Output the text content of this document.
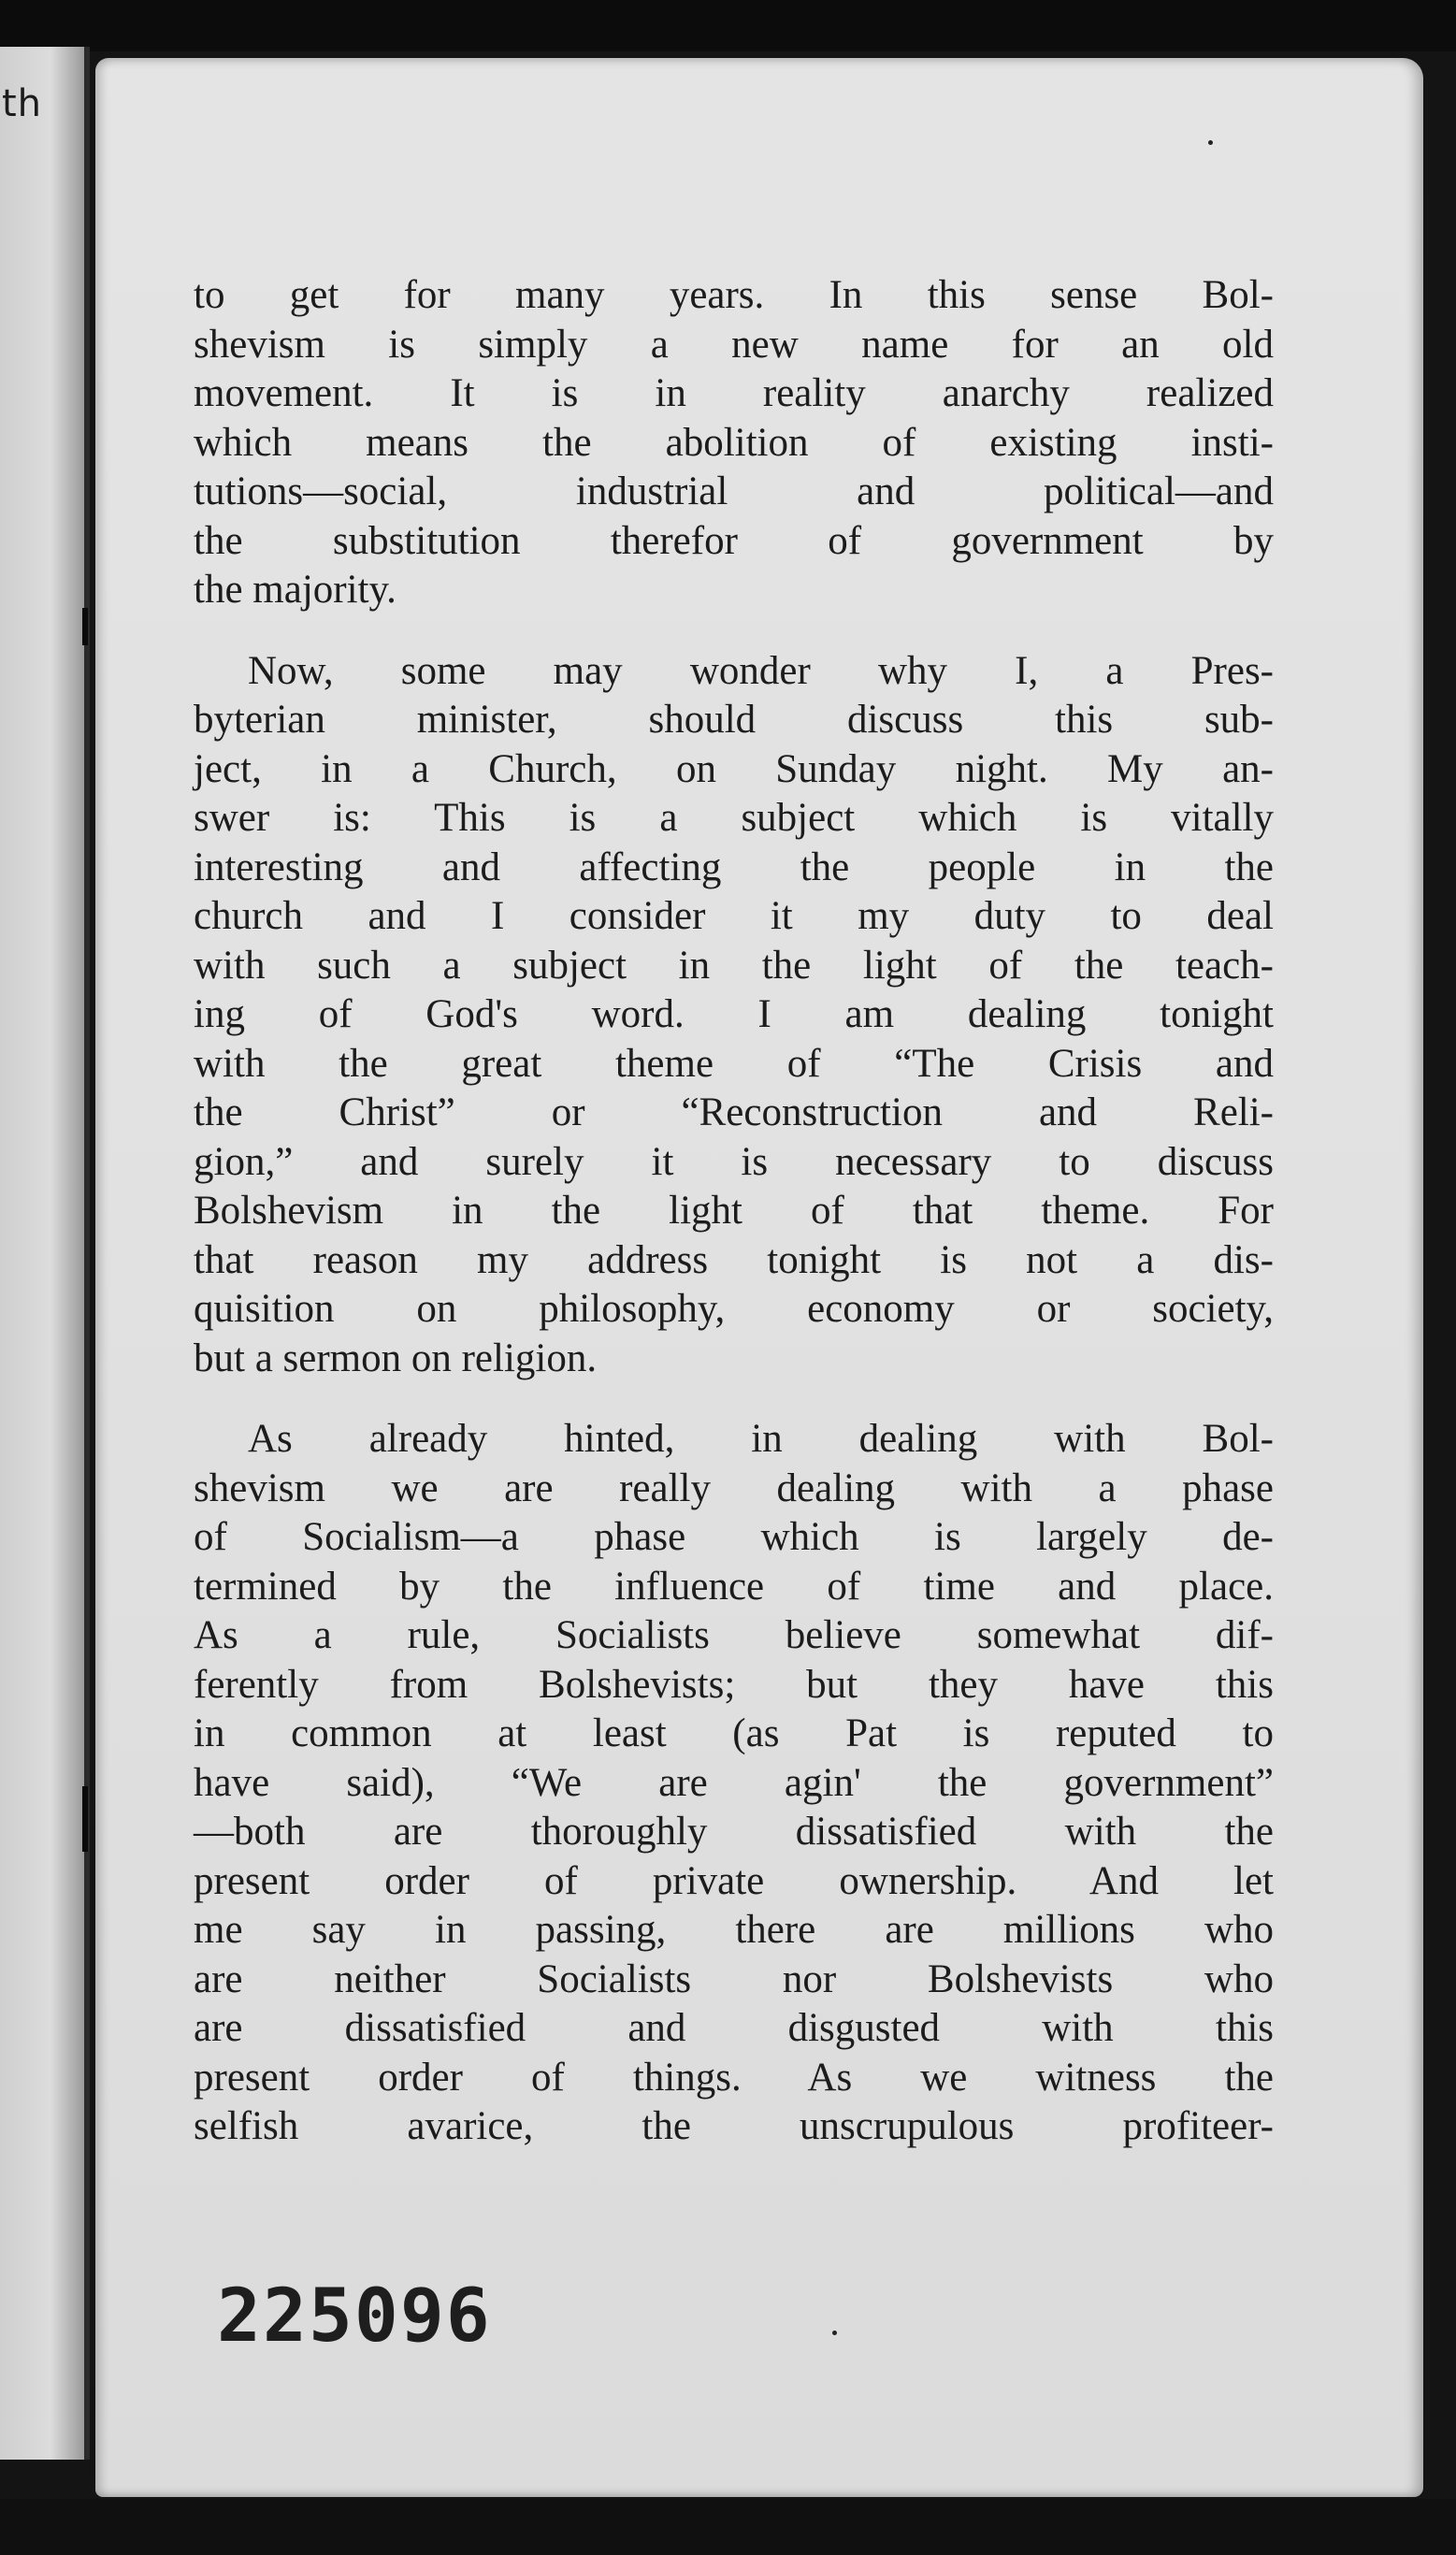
th
to get for many years. In this sense Bol-
shevism is simply a new name for an old
movement. It is in reality anarchy realized
which means the abolition of existing insti-
tutions—social, industrial and political—and
the substitution therefor of government by
the majority.
Now, some may wonder why I, a Pres-
byterian minister, should discuss this sub-
ject, in a Church, on Sunday night. My an-
swer is: This is a subject which is vitally
interesting and affecting the people in the
church and I consider it my duty to deal
with such a subject in the light of the teach-
ing of God's word. I am dealing tonight
with the great theme of “The Crisis and
the Christ” or “Reconstruction and Reli-
gion,” and surely it is necessary to discuss
Bolshevism in the light of that theme. For
that reason my address tonight is not a dis-
quisition on philosophy, economy or society,
but a sermon on religion.
As already hinted, in dealing with Bol-
shevism we are really dealing with a phase
of Socialism—a phase which is largely de-
termined by the influence of time and place.
As a rule, Socialists believe somewhat dif-
ferently from Bolshevists; but they have this
in common at least (as Pat is reputed to
have said), “We are agin' the government”
—both are thoroughly dissatisfied with the
present order of private ownership. And let
me say in passing, there are millions who
are neither Socialists nor Bolshevists who
are dissatisfied and disgusted with this
present order of things. As we witness the
selfish avarice, the unscrupulous profiteer-
225096
